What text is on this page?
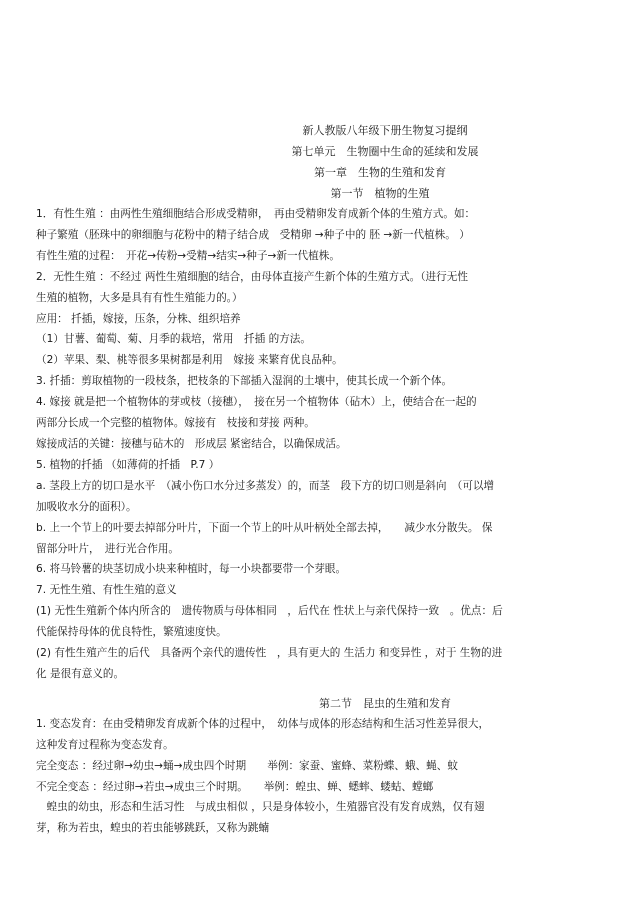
新人教版八年级下册生物复习提纲

第七单元　生物圈中生命的延续和发展

第一章　生物的生殖和发育

第一节　植物的生殖

1．有性生殖 ：由两性生殖细胞结合形成受精卵，　再由受精卵发育成新个体的生殖方式。如：

种子繁殖（胚珠中的卵细胞与花粉中的精子结合成　受精卵 →种子中的 胚 →新一代植株。 ）

有性生殖的过程：　开花→传粉→受精→结实→种子→新一代植株。

2．无性生殖 ：不经过 两性生殖细胞的结合，由母体直接产生新个体的生殖方式。（进行无性

生殖的植物，大多是具有有性生殖能力的。）

应用： 扦插，嫁接，压条，分株、组织培养

（1）甘薯、葡萄、菊、月季的栽培，常用　扦插 的方法。

（2）苹果、梨、桃等很多果树都是利用　嫁接 来繁育优良品种。

3. 扦插：剪取植物的一段枝条，把枝条的下部插入湿润的土壤中，使其长成一个新个体。

4. 嫁接 就是把一个植物体的芽或枝（接穗），　接在另一个植物体（砧木）上，使结合在一起的

两部分长成一个完整的植物体。嫁接有　枝接和芽接 两种。

嫁接成活的关键：接穗与砧木的　形成层 紧密结合，以确保成活。

5. 植物的扦插 （如薄荷的扦插　P.7 ）

a. 茎段上方的切口是水平　（减小伤口水分过多蒸发）的，而茎　段下方的切口则是斜向　（可以增

加吸收水分的面积）。

b. 上一个节上的叶要去掉部分叶片，下面一个节上的叶从叶柄处全部去掉，　　减少水分散失。 保

留部分叶片，　进行光合作用。

6. 将马铃薯的块茎切成小块来种植时，每一小块都要带一个芽眼。

7. 无性生殖、有性生殖的意义

(1) 无性生殖新个体内所含的　遗传物质与母体相同　，后代在 性状上与亲代保持一致　。优点：后

代能保持母体的优良特性，繁殖速度快。

(2) 有性生殖产生的后代　具备两个亲代的遗传性　，具有更大的 生活力 和变异性 ，对于 生物的进

化 是很有意义的。

第二节　昆虫的生殖和发育

1. 变态发育：在由受精卵发育成新个体的过程中，　幼体与成体的形态结构和生活习性差异很大，

这种发育过程称为变态发育。

完全变态 ：经过卵→幼虫→蛹→成虫四个时期　　举例：家蚕、蜜蜂、菜粉蝶、蛾、蝇、蚊

不完全变态 ：经过卵→若虫→成虫三个时期。　　举例：蝗虫、蝉、蟋蟀、蝼蛄、螳螂

　蝗虫的幼虫，形态和生活习性　与成虫相似 ，只是身体较小，生殖器官没有发育成熟，仅有翅

芽，称为若虫，蝗虫的若虫能够跳跃，又称为跳蝻
